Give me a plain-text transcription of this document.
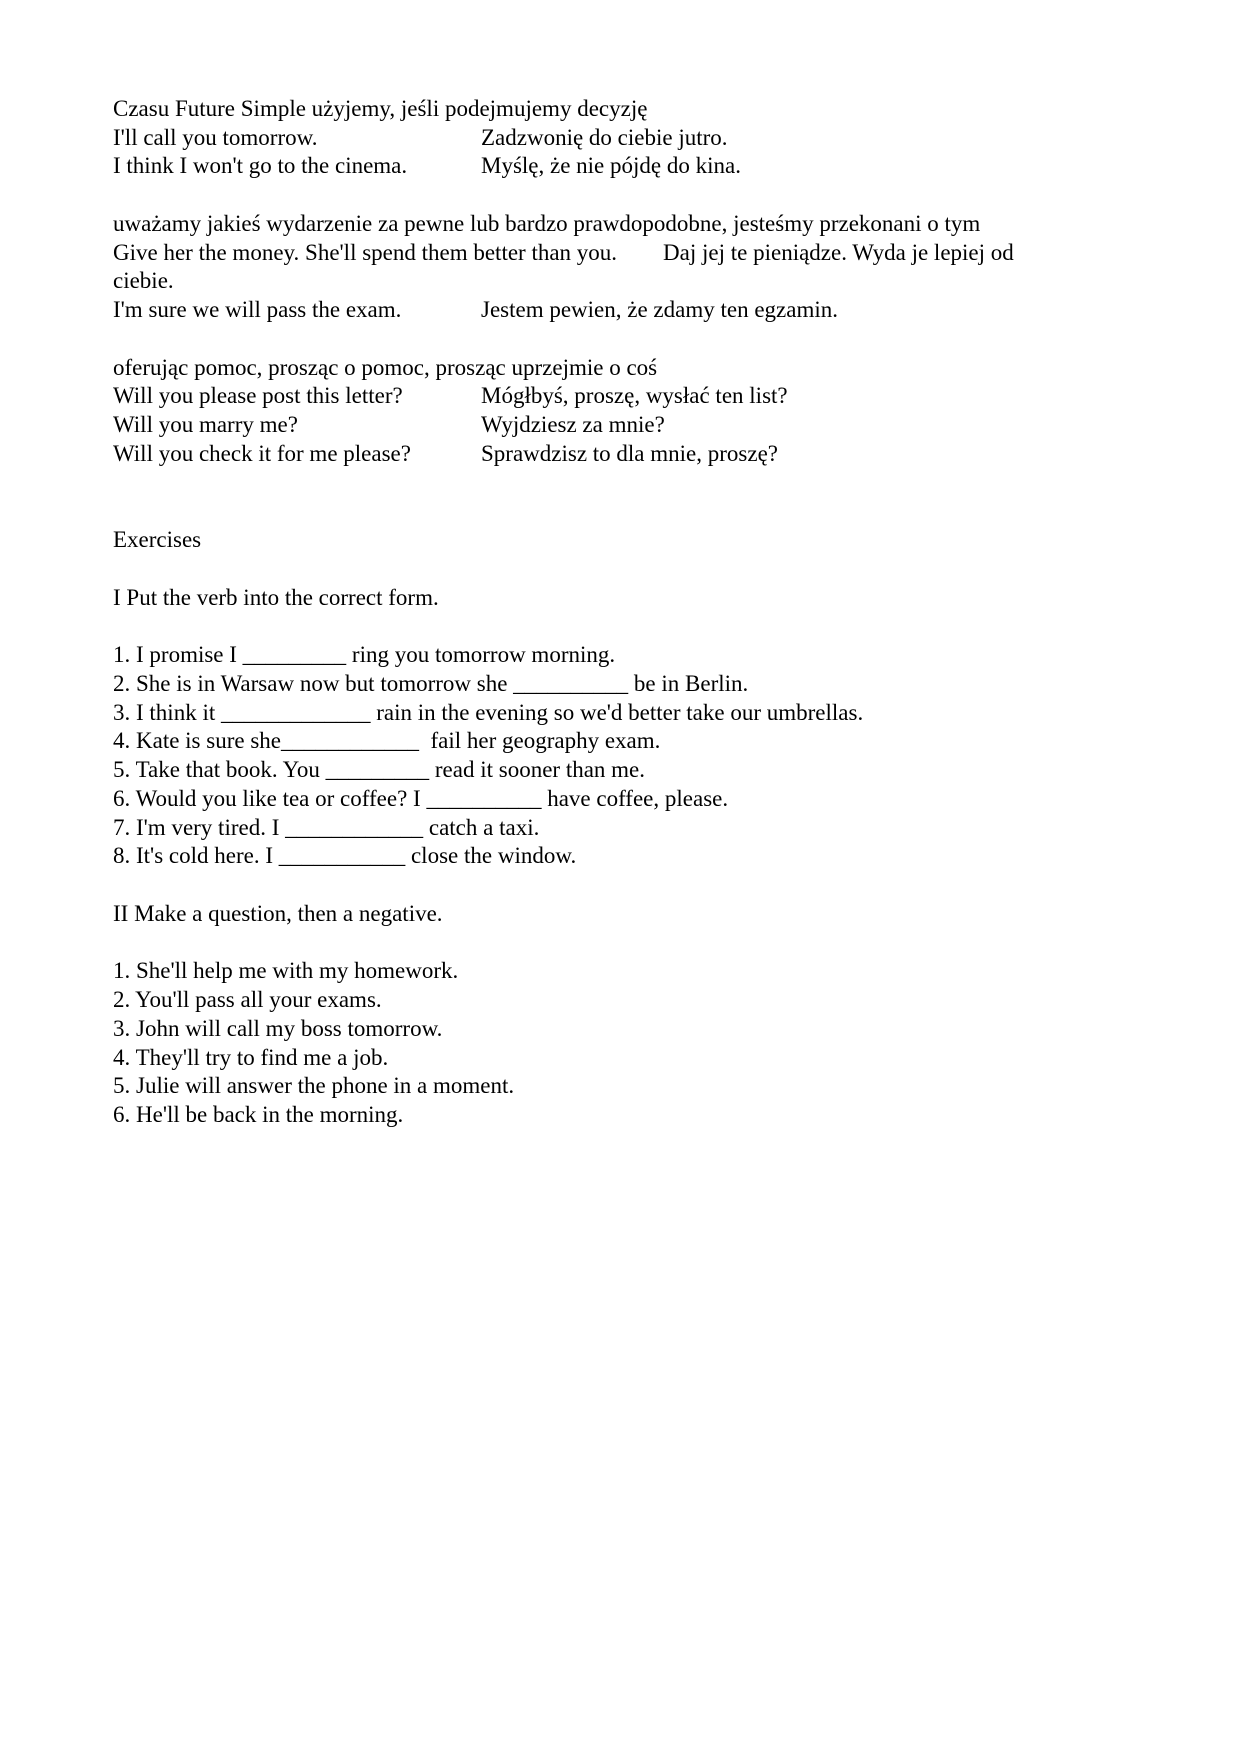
Czasu Future Simple użyjemy, jeśli podejmujemy decyzję
I'll call you tomorrow.	Zadzwonię do ciebie jutro.
I think I won't go to the cinema.	Myślę, że nie pójdę do kina.
uważamy jakieś wydarzenie za pewne lub bardzo prawdopodobne, jesteśmy przekonani o tym
Give her the money. She'll spend them better than you.        Daj jej te pieniądze. Wyda je lepiej od
ciebie.
I'm sure we will pass the exam.	Jestem pewien, że zdamy ten egzamin.
oferując pomoc, prosząc o pomoc, prosząc uprzejmie o coś
Will you please post this letter?	Mógłbyś, proszę, wysłać ten list?
Will you marry me?	Wyjdziesz za mnie?
Will you check it for me please?	Sprawdzisz to dla mnie, proszę?
Exercises
I Put the verb into the correct form.
1. I promise I _________ ring you tomorrow morning.
2. She is in Warsaw now but tomorrow she __________ be in Berlin.
3. I think it _____________ rain in the evening so we'd better take our umbrellas.
4. Kate is sure she____________  fail her geography exam.
5. Take that book. You _________ read it sooner than me.
6. Would you like tea or coffee? I __________ have coffee, please.
7. I'm very tired. I ____________ catch a taxi.
8. It's cold here. I ___________ close the window.
II Make a question, then a negative.
1. She'll help me with my homework.
2. You'll pass all your exams.
3. John will call my boss tomorrow.
4. They'll try to find me a job.
5. Julie will answer the phone in a moment.
6. He'll be back in the morning.
